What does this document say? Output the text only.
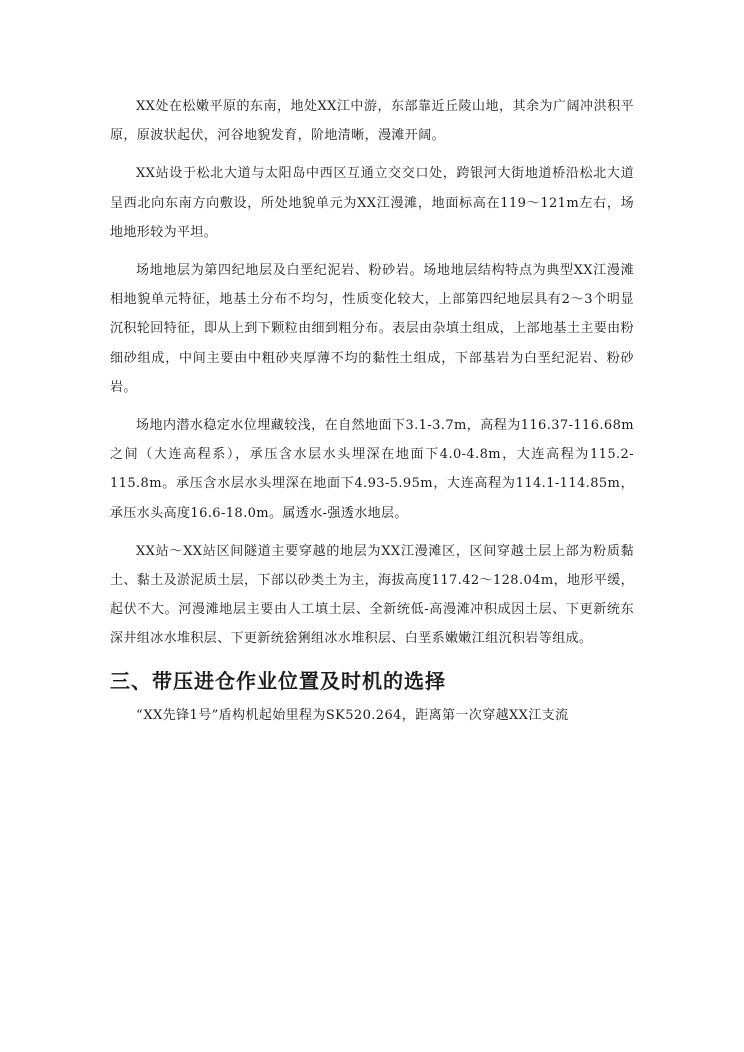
XX处在松嫩平原的东南，地处XX江中游，东部靠近丘陵山地，其余为广阔冲洪积平原，原波状起伏，河谷地貌发育，阶地清晰，漫滩开阔。

XX站设于松北大道与太阳岛中西区互通立交交口处，跨银河大街地道桥沿松北大道呈西北向东南方向敷设，所处地貌单元为XX江漫滩，地面标高在119～121m左右，场地地形较为平坦。

场地地层为第四纪地层及白垩纪泥岩、粉砂岩。场地地层结构特点为典型XX江漫滩相地貌单元特征，地基土分布不均匀，性质变化较大，上部第四纪地层具有2～3个明显沉积轮回特征，即从上到下颗粒由细到粗分布。表层由杂填土组成，上部地基土主要由粉细砂组成，中间主要由中粗砂夹厚薄不均的黏性土组成，下部基岩为白垩纪泥岩、粉砂岩。

场地内潜水稳定水位埋藏较浅，在自然地面下3.1-3.7m，高程为116.37-116.68m之间（大连高程系），承压含水层水头埋深在地面下4.0-4.8m，大连高程为115.2-115.8m。承压含水层水头埋深在地面下4.93-5.95m，大连高程为114.1-114.85m，承压水头高度16.6-18.0m。属透水-强透水地层。

XX站～XX站区间隧道主要穿越的地层为XX江漫滩区，区间穿越土层上部为粉质黏土、黏土及淤泥质土层，下部以砂类土为主，海拔高度117.42～128.04m，地形平缓，起伏不大。河漫滩地层主要由人工填土层、全新统低-高漫滩冲积成因土层、下更新统东深井组冰水堆积层、下更新统猞猁组冰水堆积层、白垩系嫩嫩江组沉积岩等组成。

三、带压进仓作业位置及时机的选择

“XX先锋1号”盾构机起始里程为SK520.264，距离第一次穿越XX江支流
